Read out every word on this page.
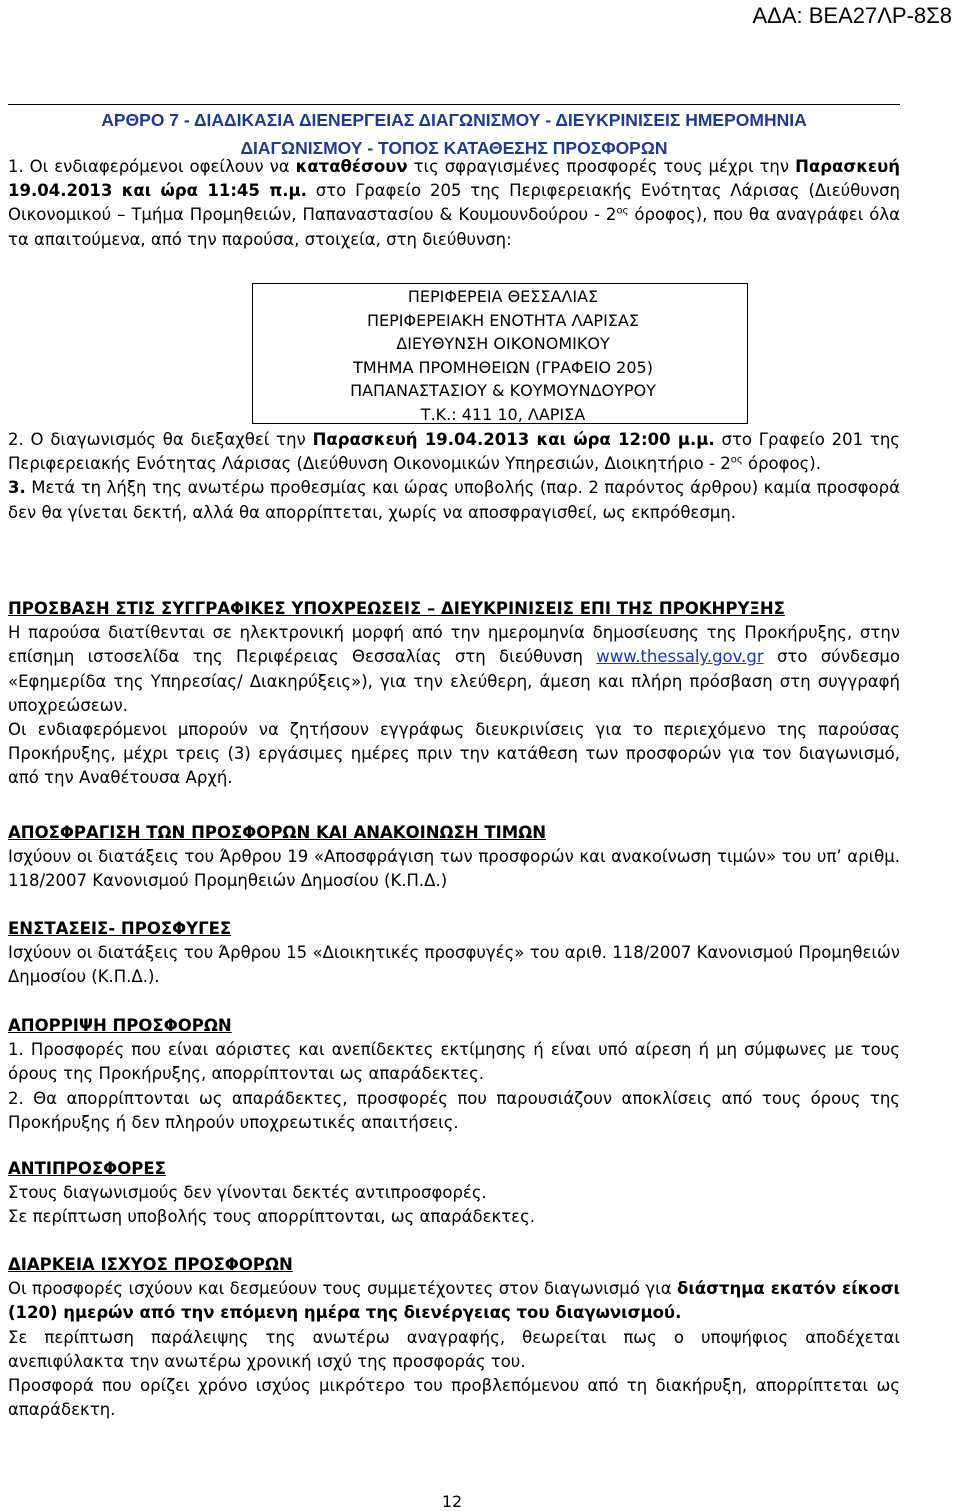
ΑΔΑ: ΒΕΑ27ΛΡ-8Σ8
ΑΡΘΡΟ 7 - ΔΙΑΔΙΚΑΣΙΑ ΔΙΕΝΕΡΓΕΙΑΣ ΔΙΑΓΩΝΙΣΜΟΥ - ΔΙΕΥΚΡΙΝΙΣΕΙΣ ΗΜΕΡΟΜΗΝΙΑ
ΔΙΑΓΩΝΙΣΜΟΥ - ΤΟΠΟΣ ΚΑΤΑΘΕΣΗΣ ΠΡΟΣΦΟΡΩΝ

1. Οι ενδιαφερόμενοι οφείλουν να καταθέσουν τις σφραγισμένες προσφορές τους μέχρι την Παρασκευή 19.04.2013 και ώρα 11:45 π.μ. στο Γραφείο 205 της Περιφερειακής Ενότητας Λάρισας (Διεύθυνση Οικονομικού – Τμήμα Προμηθειών, Παπαναστασίου & Κουμουνδούρου - $2^{o\varsigma}$ όροφος), που θα αναγράφει όλα τα απαιτούμενα, από την παρούσα, στοιχεία, στη διεύθυνση:

ΠΕΡΙΦΕΡΕΙΑ ΘΕΣΣΑΛΙΑΣ
ΠΕΡΙΦΕΡΕΙΑΚΗ ΕΝΟΤΗΤΑ ΛΑΡΙΣΑΣ
ΔΙΕΥΘΥΝΣΗ ΟΙΚΟΝΟΜΙΚΟΥ
ΤΜΗΜΑ ΠΡΟΜΗΘΕΙΩΝ (ΓΡΑΦΕΙΟ 205)
ΠΑΠΑΝΑΣΤΑΣΙΟΥ & ΚΟΥΜΟΥΝΔΟΥΡΟΥ
Τ.Κ.: 411 10, ΛΑΡΙΣΑ

2. Ο διαγωνισμός θα διεξαχθεί την Παρασκευή 19.04.2013 και ώρα 12:00 μ.μ. στο Γραφείο 201 της Περιφερειακής Ενότητας Λάρισας (Διεύθυνση Οικονομικών Υπηρεσιών, Διοικητήριο - $2^{o\varsigma}$ όροφος).

3. Μετά τη λήξη της ανωτέρω προθεσμίας και ώρας υποβολής (παρ. 2 παρόντος άρθρου) καμία προσφορά δεν θα γίνεται δεκτή, αλλά θα απορρίπτεται, χωρίς να αποσφραγισθεί, ως εκπρόθεσμη.

ΠΡΟΣΒΑΣΗ ΣΤΙΣ ΣΥΓΓΡΑΦΙΚΕΣ ΥΠΟΧΡΕΩΣΕΙΣ – ΔΙΕΥΚΡΙΝΙΣΕΙΣ ΕΠΙ ΤΗΣ ΠΡΟΚΗΡΥΞΗΣ

Η παρούσα διατίθενται σε ηλεκτρονική μορφή από την ημερομηνία δημοσίευσης της Προκήρυξης, στην επίσημη ιστοσελίδα της Περιφέρειας Θεσσαλίας στη διεύθυνση www.thessaly.gov.gr στο σύνδεσμο «Εφημερίδα της Υπηρεσίας/ Διακηρύξεις»), για την ελεύθερη, άμεση και πλήρη πρόσβαση στη συγγραφή υποχρεώσεων.

Οι ενδιαφερόμενοι μπορούν να ζητήσουν εγγράφως διευκρινίσεις για το περιεχόμενο της παρούσας Προκήρυξης, μέχρι τρεις (3) εργάσιμες ημέρες πριν την κατάθεση των προσφορών για τον διαγωνισμό, από την Αναθέτουσα Αρχή.

ΑΠΟΣΦΡΑΓΙΣΗ ΤΩΝ ΠΡΟΣΦΟΡΩΝ ΚΑΙ ΑΝΑΚΟΙΝΩΣΗ ΤΙΜΩΝ

Ισχύουν οι διατάξεις του Άρθρου 19 «Αποσφράγιση των προσφορών και ανακοίνωση τιμών» του υπ’ αριθμ. 118/2007 Κανονισμού Προμηθειών Δημοσίου (Κ.Π.Δ.)

ΕΝΣΤΑΣΕΙΣ- ΠΡΟΣΦΥΓΕΣ

Ισχύουν οι διατάξεις του Άρθρου 15 «Διοικητικές προσφυγές» του αριθ. 118/2007 Κανονισμού Προμηθειών Δημοσίου (Κ.Π.Δ.).

ΑΠΟΡΡΙΨΗ ΠΡΟΣΦΟΡΩΝ

1. Προσφορές που είναι αόριστες και ανεπίδεκτες εκτίμησης ή είναι υπό αίρεση ή μη σύμφωνες με τους όρους της Προκήρυξης, απορρίπτονται ως απαράδεκτες.

2. Θα απορρίπτονται ως απαράδεκτες, προσφορές που παρουσιάζουν αποκλίσεις από τους όρους της Προκήρυξης ή δεν πληρούν υποχρεωτικές απαιτήσεις.

ΑΝΤΙΠΡΟΣΦΟΡΕΣ

Στους διαγωνισμούς δεν γίνονται δεκτές αντιπροσφορές.

Σε περίπτωση υποβολής τους απορρίπτονται, ως απαράδεκτες.

ΔΙΑΡΚΕΙΑ ΙΣΧΥΟΣ ΠΡΟΣΦΟΡΩΝ

Οι προσφορές ισχύουν και δεσμεύουν τους συμμετέχοντες στον διαγωνισμό για διάστημα εκατόν είκοσι (120) ημερών από την επόμενη ημέρα της διενέργειας του διαγωνισμού.

Σε περίπτωση παράλειψης της ανωτέρω αναγραφής, θεωρείται πως ο υποψήφιος αποδέχεται ανεπιφύλακτα την ανωτέρω χρονική ισχύ της προσφοράς του.

Προσφορά που ορίζει χρόνο ισχύος μικρότερο του προβλεπόμενου από τη διακήρυξη, απορρίπτεται ως απαράδεκτη.

12
